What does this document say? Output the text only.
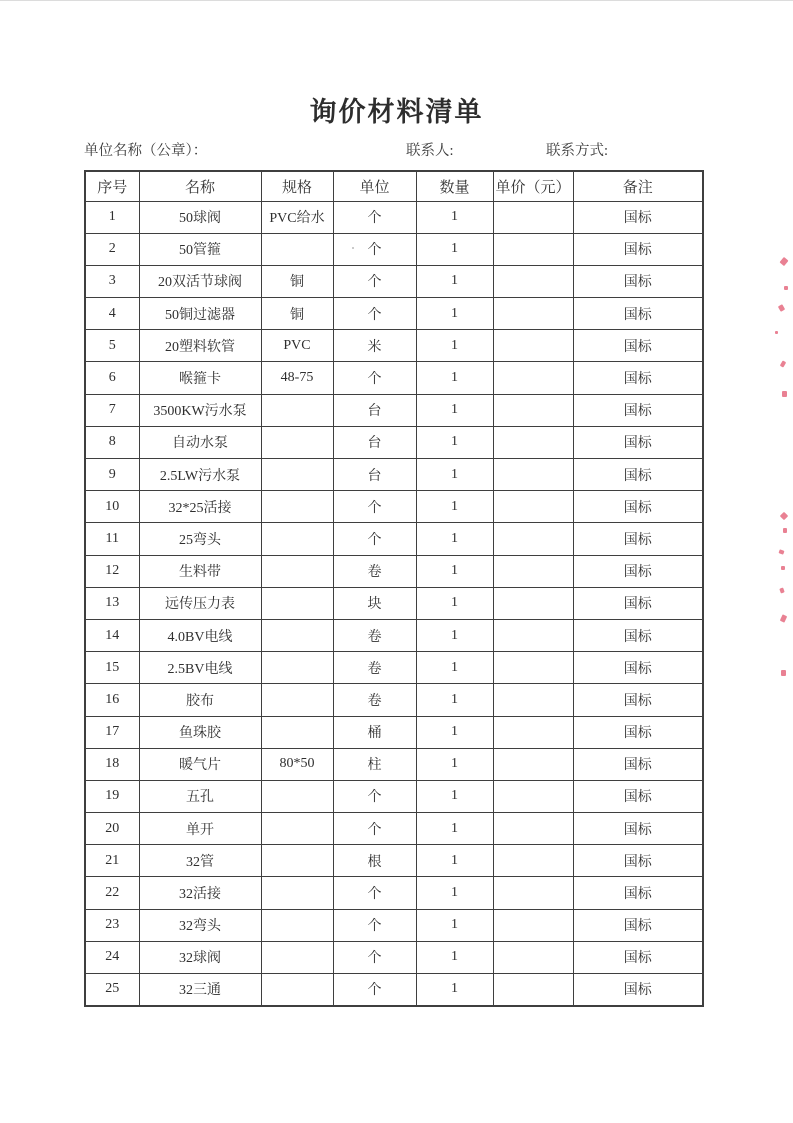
询价材料清单
单位名称（公章）：	联系人:	联系方式:
序号	名称	规格	单位	数量	单价（元）	备注
1	50球阀	PVC给水	个	1		国标
2	50管箍		个	1		国标
3	20双活节球阀	铜	个	1		国标
4	50铜过滤器	铜	个	1		国标
5	20塑料软管	PVC	米	1		国标
6	喉箍卡	48-75	个	1		国标
7	3500KW污水泵		台	1		国标
8	自动水泵		台	1		国标
9	2.5LW污水泵		台	1		国标
10	32*25活接		个	1		国标
11	25弯头		个	1		国标
12	生料带		卷	1		国标
13	远传压力表		块	1		国标
14	4.0BV电线		卷	1		国标
15	2.5BV电线		卷	1		国标
16	胶布		卷	1		国标
17	鱼珠胶		桶	1		国标
18	暖气片	80*50	柱	1		国标
19	五孔		个	1		国标
20	单开		个	1		国标
21	32管		根	1		国标
22	32活接		个	1		国标
23	32弯头		个	1		国标
24	32球阀		个	1		国标
25	32三通		个	1		国标
